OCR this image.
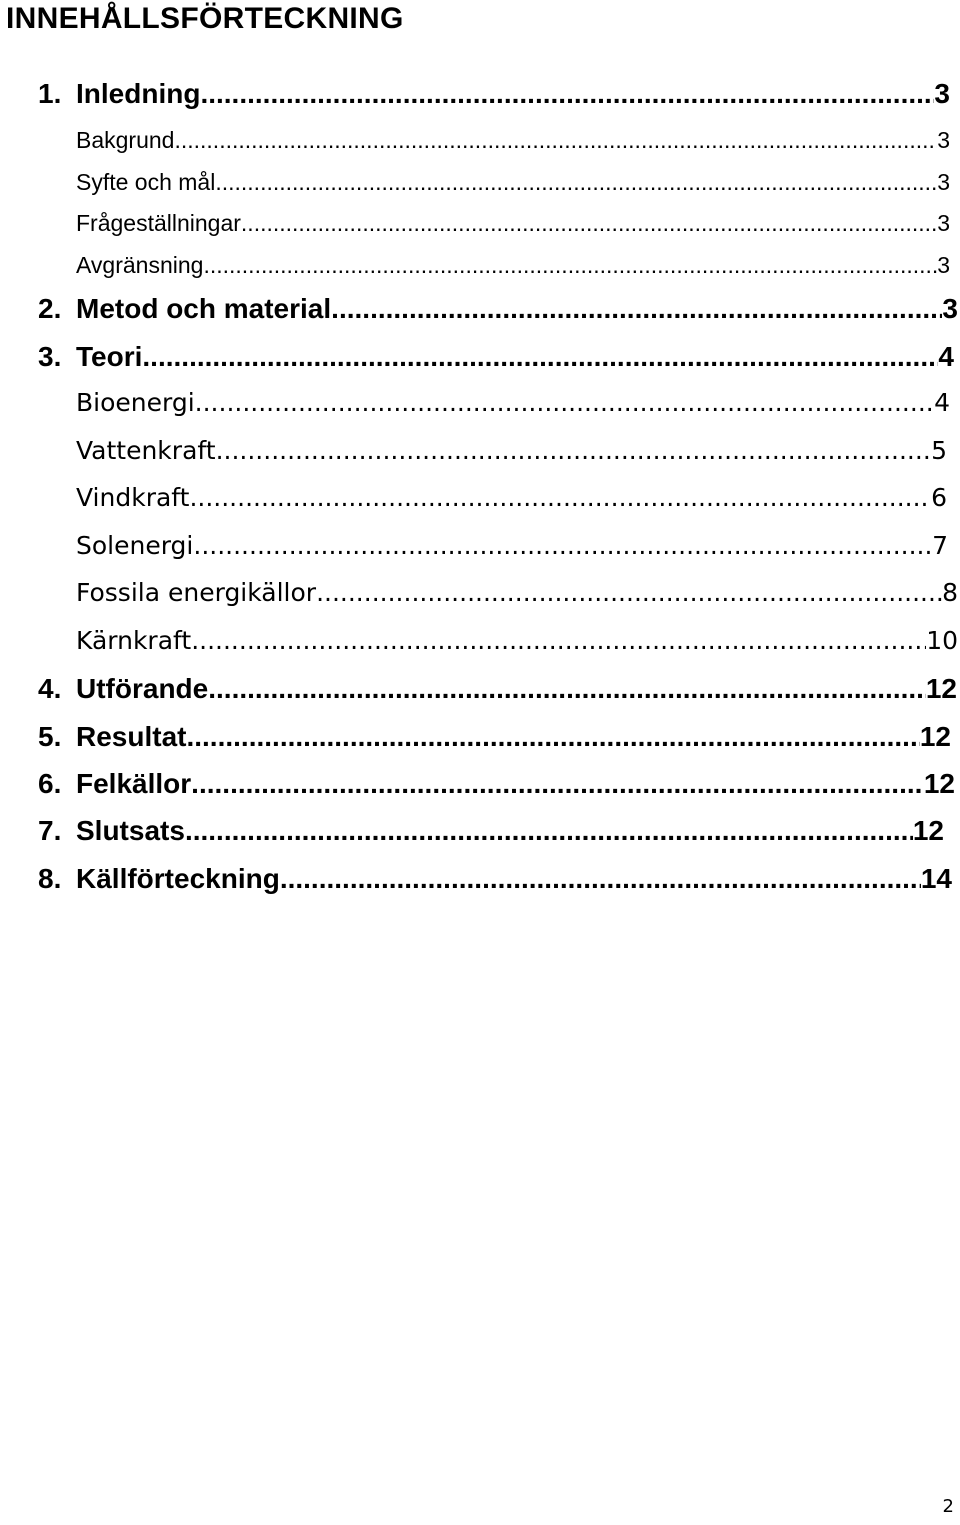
INNEHÅLLSFÖRTECKNING
1. Inledning .....	3
Bakgrund .....	3
Syfte och mål .....	3
Frågeställningar .....	3
Avgränsning .....	3
2. Metod och material .....	3
3. Teori .....	4
Bioenergi .....	4
Vattenkraft .....	5
Vindkraft .....	6
Solenergi .....	7
Fossila energikällor .....	8
Kärnkraft .....	10
4. Utförande .....	12
5. Resultat .....	12
6. Felkällor .....	12
7. Slutsats .....	12
8. Källförteckning .....	14
2
